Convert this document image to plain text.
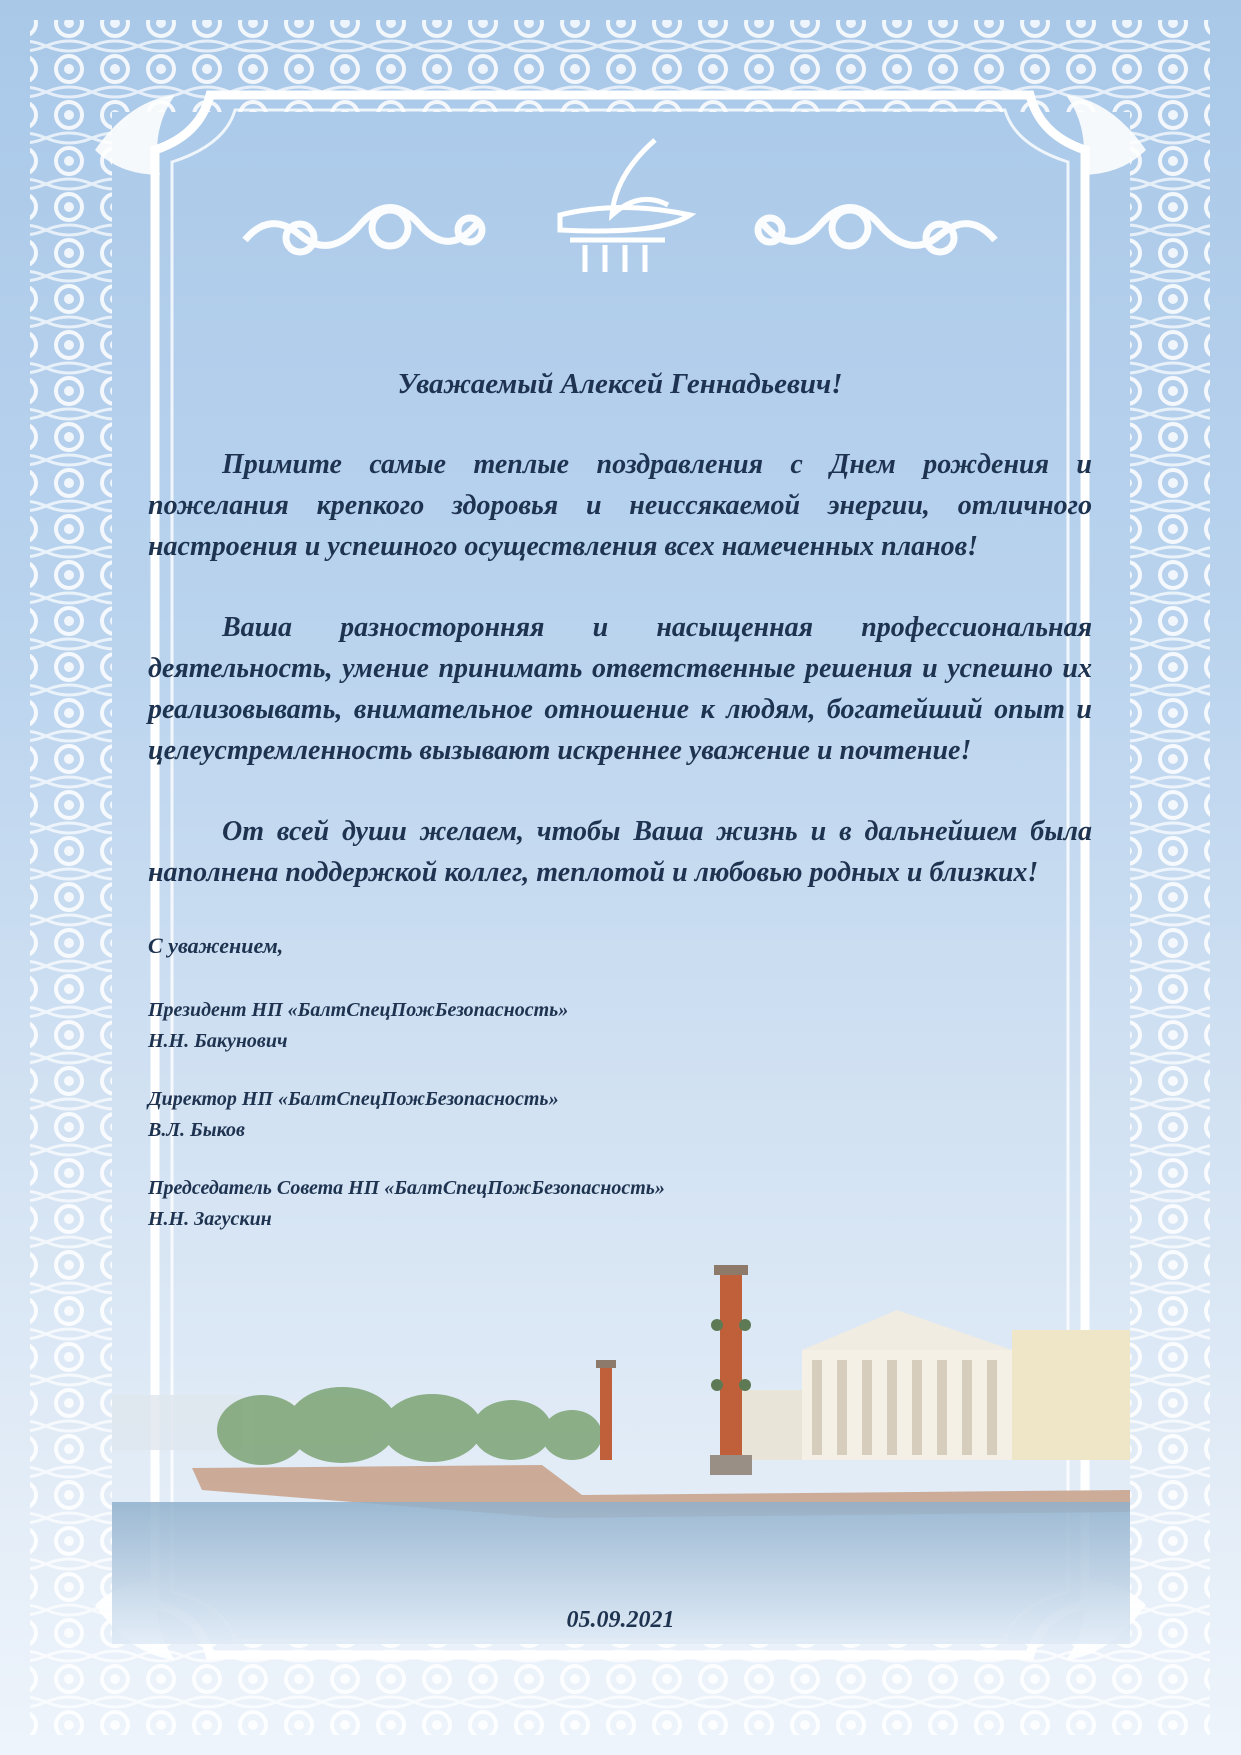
Уважаемый Алексей Геннадьевич!

Примите самые теплые поздравления с Днем рождения и пожелания крепкого здоровья и неиссякаемой энергии, отличного настроения и успешного осуществления всех намеченных планов!

Ваша разносторонняя и насыщенная профессиональная деятельность, умение принимать ответственные решения и успешно их реализовывать, внимательное отношение к людям, богатейший опыт и целеустремленность вызывают искреннее уважение и почтение!

От всей души желаем, чтобы Ваша жизнь и в дальнейшем была наполнена поддержкой коллег, теплотой и любовью родных и близких!

С уважением,
Президент НП «БалтСпецПожБезопасность»
Н.Н. Бакунович
Директор НП «БалтСпецПожБезопасность»
В.Л. Быков
Председатель Совета НП «БалтСпецПожБезопасность»
Н.Н. Загускин
05.09.2021
